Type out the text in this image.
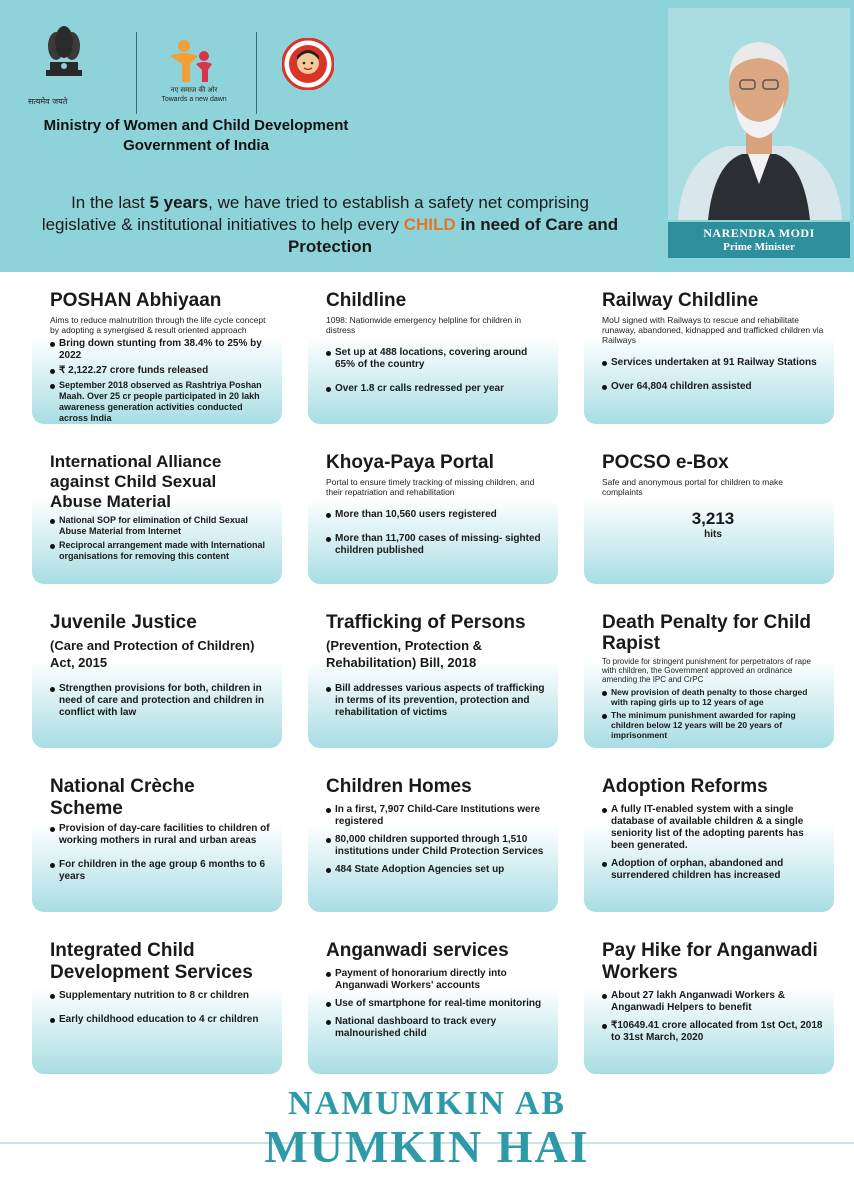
सत्यमेव जयते
नए समाज की ओर
Towards a new dawn
Ministry of Women and Child Development
Government of India
In the last 5 years, we have tried to establish a safety net comprising legislative & institutional initiatives to help every CHILD in need of Care and Protection
NARENDRA MODI
Prime Minister
POSHAN Abhiyaan
Aims to reduce malnutrition through the life cycle concept by adopting a synergised & result oriented approach
Bring down stunting from 38.4% to 25% by 2022
₹ 2,122.27 crore funds released
September 2018 observed as Rashtriya Poshan Maah. Over 25 cr people participated in 20 lakh awareness generation activities conducted across India
Childline
1098: Nationwide emergency helpline for children in distress
Set up at 488 locations, covering around 65% of the country
Over 1.8 cr calls redressed per year
Railway Childline
MoU signed with Railways to rescue and rehabilitate runaway, abandoned, kidnapped and trafficked children via Railways
Services undertaken at 91 Railway Stations
Over 64,804 children assisted
International Alliance against Child Sexual Abuse Material
National SOP for elimination of Child Sexual Abuse Material from Internet
Reciprocal arrangement made with International organisations for removing this content
Khoya-Paya Portal
Portal to ensure timely tracking of missing children, and their repatriation and rehabilitation
More than 10,560 users registered
More than 11,700 cases of missing- sighted children published
POCSO e-Box
Safe and anonymous portal for children to make complaints
3,213
hits
Juvenile Justice
(Care and Protection of Children) Act, 2015
Strengthen provisions for both, children in need of care and protection and children in conflict with law
Trafficking of Persons
(Prevention, Protection & Rehabilitation) Bill, 2018
Bill addresses various aspects of trafficking in terms of its prevention, protection and rehabilitation of victims
Death Penalty for Child Rapist
To provide for stringent punishment for perpetrators of rape with children, the Government approved an ordinance amending the IPC and CrPC
New provision of death penalty to those charged with raping girls up to 12 years of age
The minimum punishment awarded for raping children below 12 years will be 20 years of imprisonment
National Crèche Scheme
Provision of day-care facilities to children of working mothers in rural and urban areas
For children in the age group 6 months to 6 years
Children Homes
In a first, 7,907 Child-Care Institutions were registered
80,000 children supported through 1,510 institutions under Child Protection Services
484 State Adoption Agencies set up
Adoption Reforms
A fully IT-enabled system with a single database of available children & a single seniority list of the adopting parents has been generated.
Adoption of orphan, abandoned and surrendered children has increased
Integrated Child Development Services
Supplementary nutrition to 8 cr children
Early childhood education to 4 cr children
Anganwadi services
Payment of honorarium directly into Anganwadi Workers' accounts
Use of smartphone for real-time monitoring
National dashboard to track every malnourished child
Pay Hike for Anganwadi Workers
About 27 lakh Anganwadi Workers & Anganwadi Helpers to benefit
₹10649.41 crore allocated from 1st Oct, 2018 to 31st March, 2020
NAMUMKIN AB
MUMKIN HAI
